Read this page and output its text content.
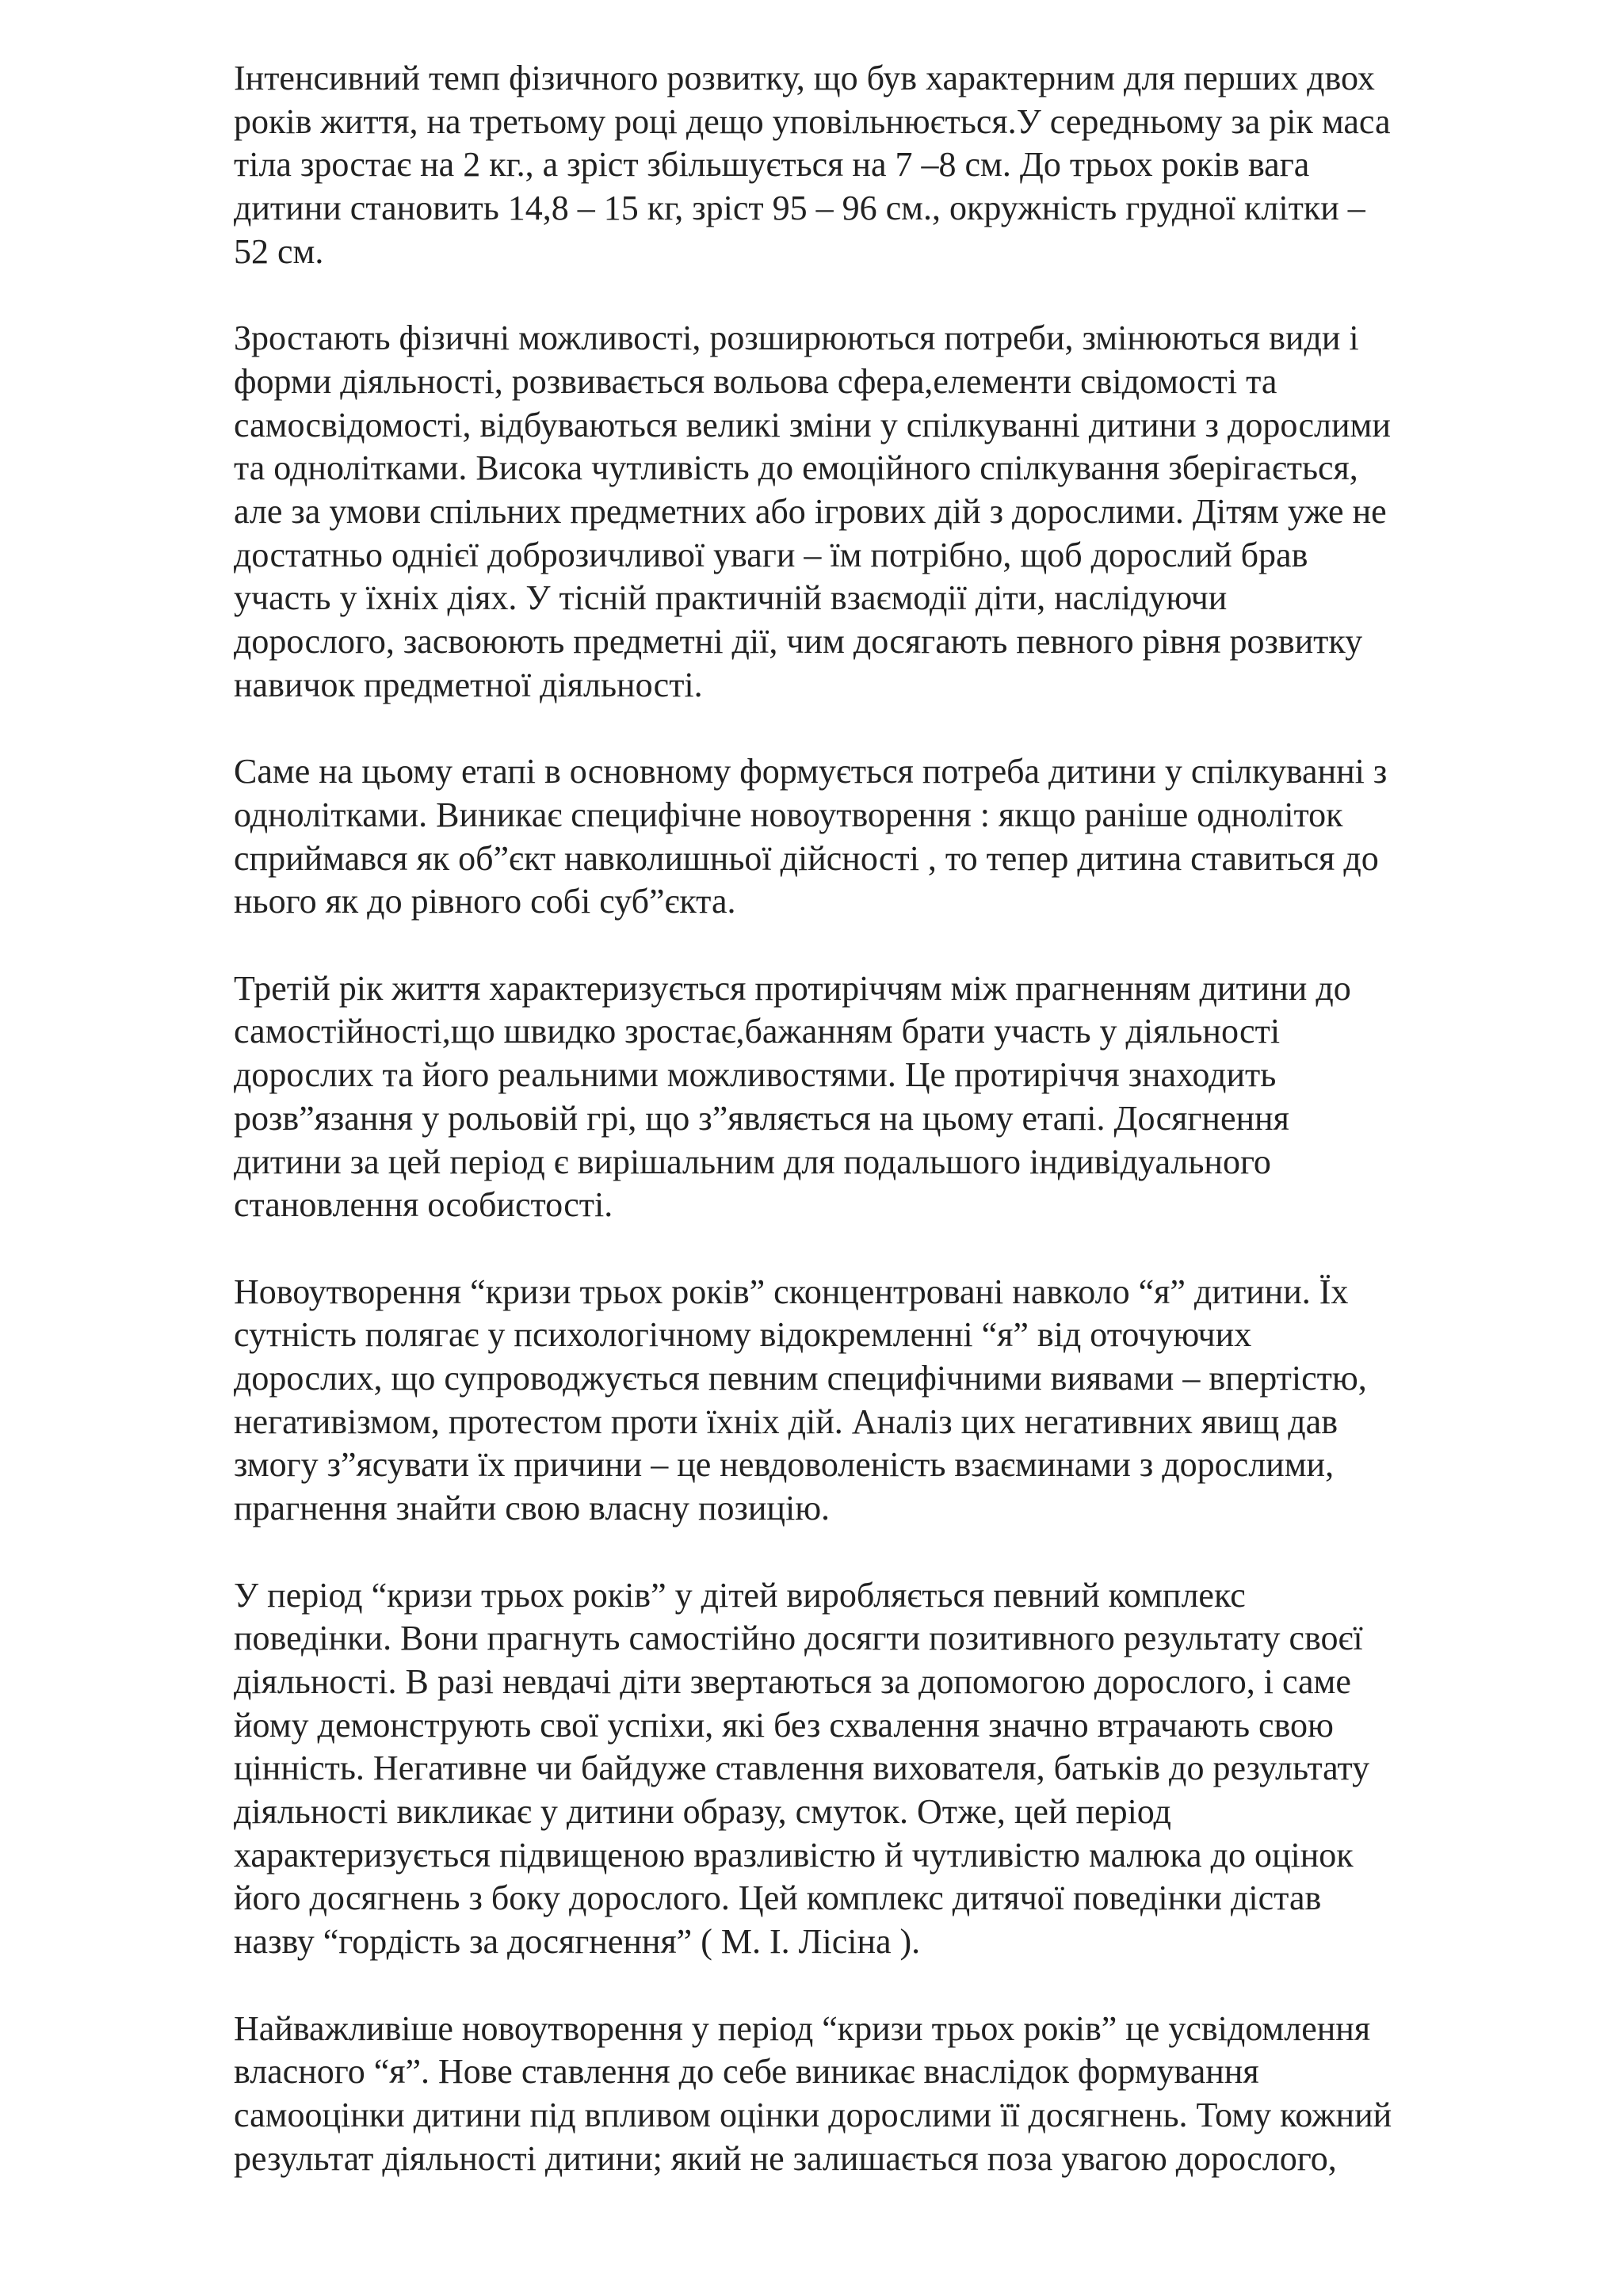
Інтенсивний темп фізичного розвитку, що був характерним для перших двох
років життя, на третьому році дещо уповільнюється.У середньому за рік маса
тіла зростає на 2 кг., а зріст збільшується на 7 –8 см. До трьох років вага
дитини становить 14,8 – 15 кг, зріст 95 – 96 см., окружність грудної клітки –
52 см.
Зростають фізичні можливості, розширюються потреби, змінюються види і
форми діяльності, розвивається вольова сфера,елементи свідомості та
самосвідомості, відбуваються великі зміни у спілкуванні дитини з дорослими
та однолітками. Висока чутливість до емоційного спілкування зберігається,
але за умови спільних предметних або ігрових дій з дорослими. Дітям уже не
достатньо однієї доброзичливої уваги – їм потрібно, щоб дорослий брав
участь у їхніх діях. У тісній практичній взаємодії діти, наслідуючи
дорослого, засвоюють предметні дії, чим досягають певного рівня розвитку
навичок предметної діяльності.
Саме на цьому етапі в основному формується потреба дитини у спілкуванні з
однолітками. Виникає специфічне новоутворення : якщо раніше одноліток
сприймався як об”єкт навколишньої дійсності , то тепер дитина ставиться до
нього як до рівного собі суб”єкта.
Третій рік життя характеризується протиріччям між прагненням дитини до
самостійності,що швидко зростає,бажанням брати участь у діяльності
дорослих та його реальними можливостями. Це протиріччя знаходить
розв”язання у рольовій грі, що з”являється на цьому етапі. Досягнення
дитини за цей період є вирішальним для подальшого індивідуального
становлення особистості.
Новоутворення “кризи трьох років” сконцентровані навколо “я” дитини. Їх
сутність полягає у психологічному відокремленні “я” від оточуючих
дорослих, що супроводжується певним специфічними виявами – впертістю,
негативізмом, протестом проти їхніх дій. Аналіз цих негативних явищ дав
змогу з”ясувати їх причини – це невдоволеність взаєминами з дорослими,
прагнення знайти свою власну позицію.
У період “кризи трьох років” у дітей виробляється певний комплекс
поведінки. Вони прагнуть самостійно досягти позитивного результату своєї
діяльності. В разі невдачі діти звертаються за допомогою дорослого, і саме
йому демонструють свої успіхи, які без схвалення значно втрачають свою
цінність. Негативне чи байдуже ставлення вихователя, батьків до результату
діяльності викликає у дитини образу, смуток. Отже, цей період
характеризується підвищеною вразливістю й чутливістю малюка до оцінок
його досягнень з боку дорослого. Цей комплекс дитячої поведінки дістав
назву “гордість за досягнення” ( М. І. Лісіна ).
Найважливіше новоутворення у період “кризи трьох років” це усвідомлення
власного “я”. Нове ставлення до себе виникає внаслідок формування
самооцінки дитини під впливом оцінки дорослими її досягнень. Тому кожний
результат діяльності дитини; який не залишається поза увагою дорослого,
